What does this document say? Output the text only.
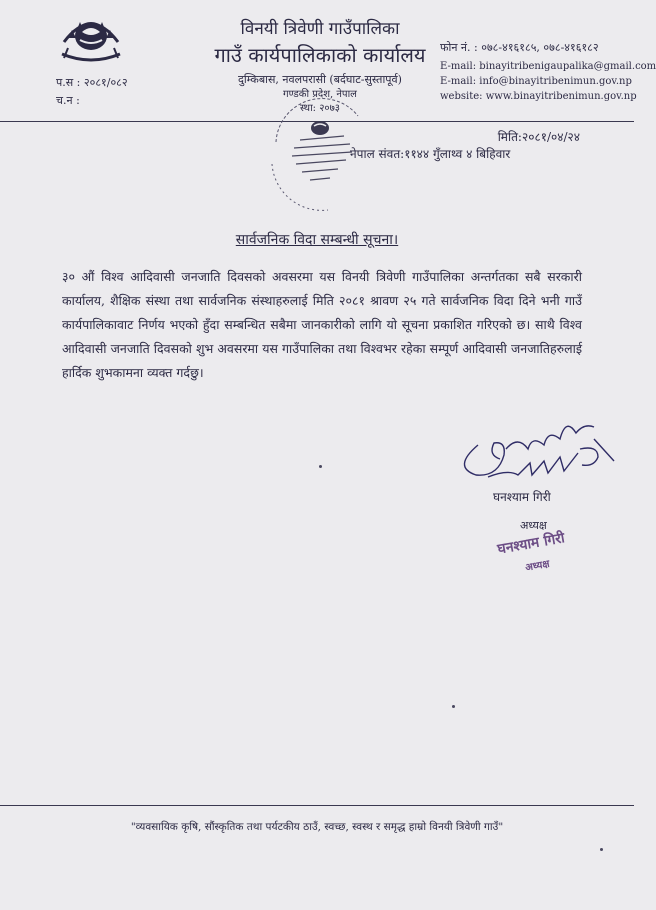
विनयी त्रिवेणी गाउँपालिका
गाउँ कार्यपालिकाको कार्यालय
दुम्किबास, नवलपरासी (बर्दघाट-सुस्तापूर्व)
गण्डकी प्रदेश, नेपाल
स्था: २०७३
प.स : २०८१/०८२
च.न :
फोन नं. : ०७८-४१६१८५, ०७८-४१६१८२
E-mail: binayitribenigaupalika@gmail.com
E-mail: info@binayitribenimun.gov.np
website: www.binayitribenimun.gov.np
मिति:२०८१/०४/२४
नेपाल संवत:११४४ गुँलाथ्व ४ बिहिवार
सार्वजनिक विदा सम्बन्धी सूचना।
३० औं विश्व आदिवासी जनजाति दिवसको अवसरमा यस विनयी त्रिवेणी गाउँपालिका अन्तर्गतका सबै सरकारी कार्यालय, शैक्षिक संस्था तथा सार्वजनिक संस्थाहरुलाई मिति २०८१ श्रावण २५ गते सार्वजनिक विदा दिने भनी गाउँ कार्यपालिकावाट निर्णय भएको हुँदा सम्बन्धित सबैमा जानकारीको लागि यो सूचना प्रकाशित गरिएको छ। साथै विश्व आदिवासी जनजाति दिवसको शुभ अवसरमा यस गाउँपालिका तथा विश्वभर रहेका सम्पूर्ण आदिवासी जनजातिहरुलाई हार्दिक शुभकामना व्यक्त गर्दछु।
घनश्याम गिरी
अध्यक्ष
घनश्याम गिरी
अध्यक्ष
"व्यवसायिक कृषि, सौंस्कृतिक तथा पर्यटकीय ठाउँ, स्वच्छ, स्वस्थ र समृद्ध हाम्रो विनयी त्रिवेणी गाउँ"
